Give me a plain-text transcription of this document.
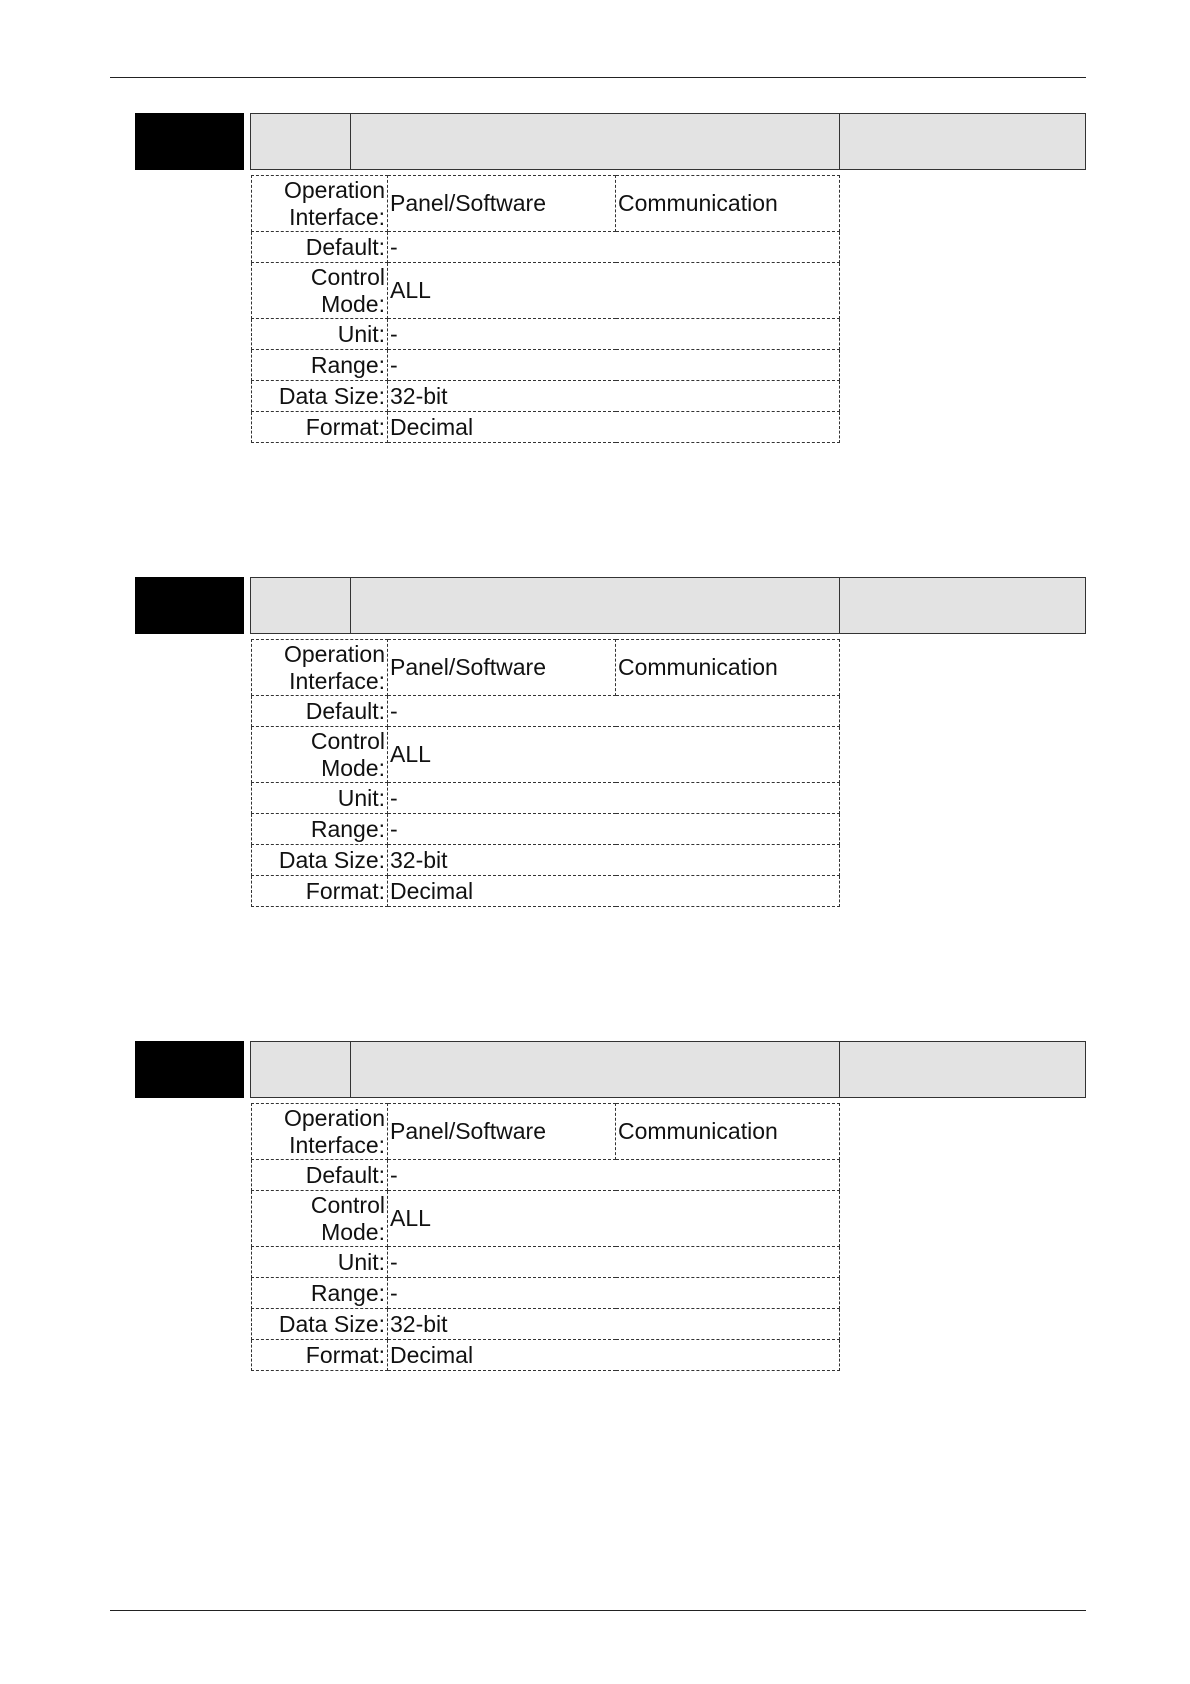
Operation Interface:	Panel/Software	Communication
Default:	-	
Control Mode:	ALL	
Unit:	-	
Range:	-	
Data Size:	32-bit	
Format:	Decimal	
Operation Interface:	Panel/Software	Communication
Default:	-	
Control Mode:	ALL	
Unit:	-	
Range:	-	
Data Size:	32-bit	
Format:	Decimal	
Operation Interface:	Panel/Software	Communication
Default:	-	
Control Mode:	ALL	
Unit:	-	
Range:	-	
Data Size:	32-bit	
Format:	Decimal	
